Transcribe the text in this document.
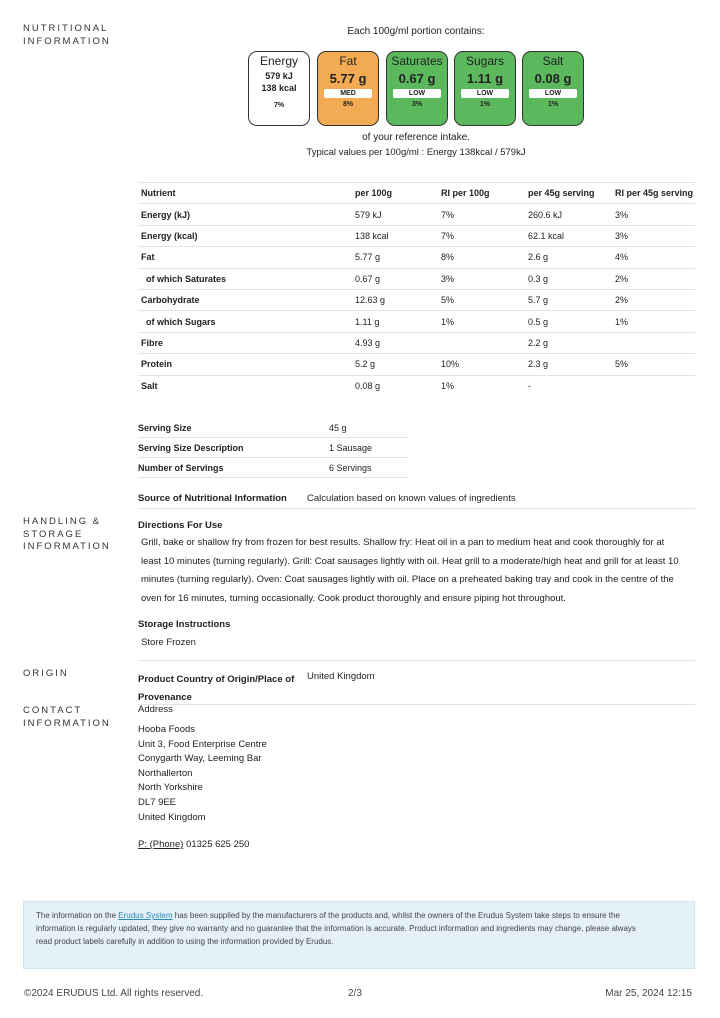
NUTRITIONAL
INFORMATION
HANDLING &
STORAGE
INFORMATION
ORIGIN
CONTACT
INFORMATION
Each 100g/ml portion contains:
Energy
579 kJ
138 kcal
7%
Fat
5.77 g
MED
8%
Saturates
0.67 g
LOW
3%
Sugars
1.11 g
LOW
1%
Salt
0.08 g
LOW
1%
of your reference intake.
Typical values per 100g/ml : Energy 138kcal / 579kJ
Nutrient	per 100g	RI per 100g	per 45g serving	RI per 45g serving
Energy (kJ)	579 kJ	7%	260.6 kJ	3%
Energy (kcal)	138 kcal	7%	62.1 kcal	3%
Fat	5.77 g	8%	2.6 g	4%
of which Saturates	0.67 g	3%	0.3 g	2%
Carbohydrate	12.63 g	5%	5.7 g	2%
of which Sugars	1.11 g	1%	0.5 g	1%
Fibre	4.93 g		2.2 g	
Protein	5.2 g	10%	2.3 g	5%
Salt	0.08 g	1%	-	
Serving Size	45 g
Serving Size Description	1 Sausage
Number of Servings	6 Servings
Source of Nutritional Information Calculation based on known values of ingredients
Directions For Use
Grill, bake or shallow fry from frozen for best results. Shallow fry: Heat oil in a pan to medium heat and cook thoroughly for at
least 10 minutes (turning regularly). Grill: Coat sausages lightly with oil. Heat grill to a moderate/high heat and grill for at least 10
minutes (turning regularly). Oven: Coat sausages lightly with oil. Place on a preheated baking tray and cook in the centre of the
oven for 16 minutes, turning occasionally. Cook product thoroughly and ensure piping hot throughout.
Storage Instructions
Store Frozen
Product Country of Origin/Place of
Provenance
United Kingdom
Address
Hooba Foods
Unit 3, Food Enterprise Centre
Conygarth Way, Leeming Bar
Northallerton
North Yorkshire
DL7 9EE
United Kingdom
P: (Phone) 01325 625 250
The information on the Erudus System has been supplied by the manufacturers of the products and, whilst the owners of the Erudus System take steps to ensure the
information is regularly updated, they give no warranty and no guarantee that the information is accurate. Product information and ingredients may change, please always
read product labels carefully in addition to using the information provided by Erudus.
©2024 ERUDUS Ltd. All rights reserved.	2/3	Mar 25, 2024 12:15
